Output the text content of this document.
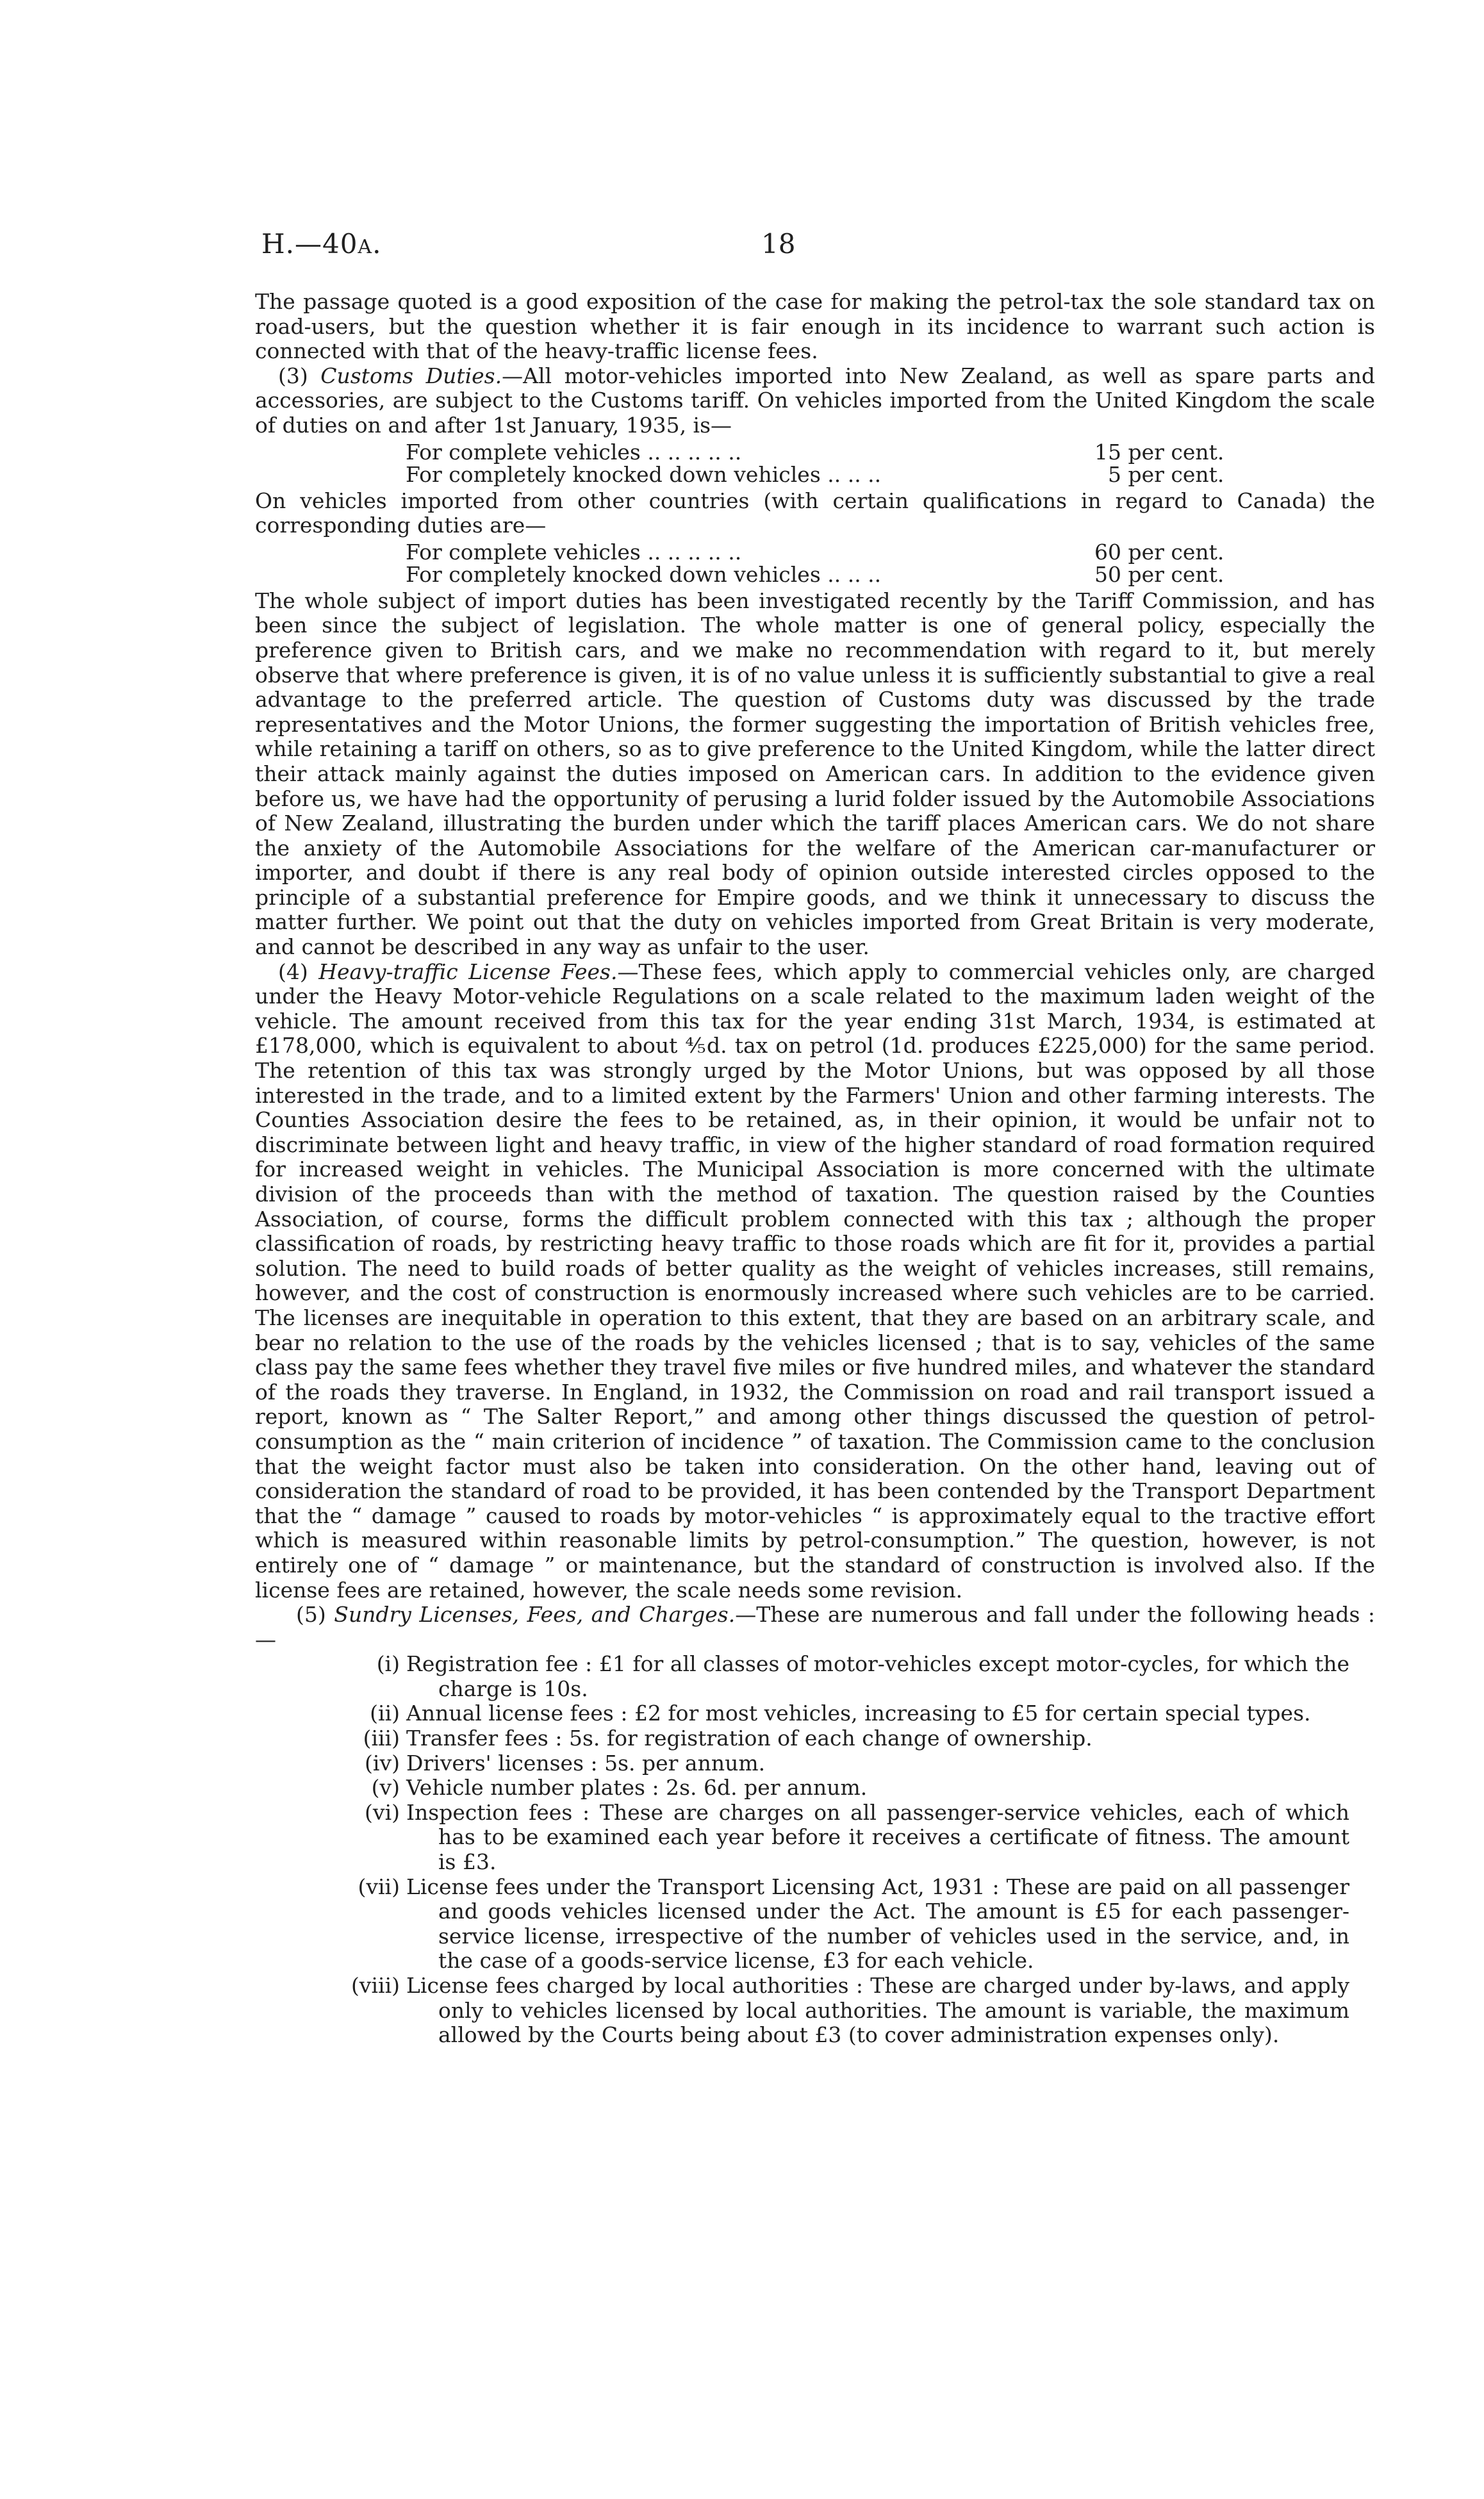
H.—40A.	18

The passage quoted is a good exposition of the case for making the petrol-tax the sole standard tax on road-users, but the question whether it is fair enough in its incidence to warrant such action is connected with that of the heavy-traffic license fees.

(3) Customs Duties.—All motor-vehicles imported into New Zealand, as well as spare parts and accessories, are subject to the Customs tariff. On vehicles imported from the United Kingdom the scale of duties on and after 1st January, 1935, is—

For complete vehicles .. .. .. .. ..	15 per cent.
For completely knocked down vehicles .. .. ..	5 per cent.

On vehicles imported from other countries (with certain qualifications in regard to Canada) the corresponding duties are—

For complete vehicles .. .. .. .. ..	60 per cent.
For completely knocked down vehicles .. .. ..	50 per cent.

The whole subject of import duties has been investigated recently by the Tariff Commission, and has been since the subject of legislation. The whole matter is one of general policy, especially the preference given to British cars, and we make no recommendation with regard to it, but merely observe that where preference is given, it is of no value unless it is sufficiently substantial to give a real advantage to the preferred article. The question of Customs duty was discussed by the trade representatives and the Motor Unions, the former suggesting the importation of British vehicles free, while retaining a tariff on others, so as to give preference to the United Kingdom, while the latter direct their attack mainly against the duties imposed on American cars. In addition to the evidence given before us, we have had the opportunity of perusing a lurid folder issued by the Automobile Associations of New Zealand, illustrating the burden under which the tariff places American cars. We do not share the anxiety of the Automobile Associations for the welfare of the American car-manufacturer or importer, and doubt if there is any real body of opinion outside interested circles opposed to the principle of a substantial preference for Empire goods, and we think it unnecessary to discuss the matter further. We point out that the duty on vehicles imported from Great Britain is very moderate, and cannot be described in any way as unfair to the user.

(4) Heavy-traffic License Fees.—These fees, which apply to commercial vehicles only, are charged under the Heavy Motor-vehicle Regulations on a scale related to the maximum laden weight of the vehicle. The amount received from this tax for the year ending 31st March, 1934, is estimated at £178,000, which is equivalent to about ⅘d. tax on petrol (1d. produces £225,000) for the same period. The retention of this tax was strongly urged by the Motor Unions, but was opposed by all those interested in the trade, and to a limited extent by the Farmers' Union and other farming interests. The Counties Association desire the fees to be retained, as, in their opinion, it would be unfair not to discriminate between light and heavy traffic, in view of the higher standard of road formation required for increased weight in vehicles. The Municipal Association is more concerned with the ultimate division of the proceeds than with the method of taxation. The question raised by the Counties Association, of course, forms the difficult problem connected with this tax ; although the proper classification of roads, by restricting heavy traffic to those roads which are fit for it, provides a partial solution. The need to build roads of better quality as the weight of vehicles increases, still remains, however, and the cost of construction is enormously increased where such vehicles are to be carried. The licenses are inequitable in operation to this extent, that they are based on an arbitrary scale, and bear no relation to the use of the roads by the vehicles licensed ; that is to say, vehicles of the same class pay the same fees whether they travel five miles or five hundred miles, and whatever the standard of the roads they traverse. In England, in 1932, the Commission on road and rail transport issued a report, known as “ The Salter Report,” and among other things discussed the question of petrol-consumption as the “ main criterion of incidence ” of taxation. The Commission came to the conclusion that the weight factor must also be taken into consideration. On the other hand, leaving out of consideration the standard of road to be provided, it has been contended by the Transport Department that the “ damage ” caused to roads by motor-vehicles “ is approximately equal to the tractive effort which is measured within reasonable limits by petrol-consumption.” The question, however, is not entirely one of “ damage ” or maintenance, but the standard of construction is involved also. If the license fees are retained, however, the scale needs some revision.

(5) Sundry Licenses, Fees, and Charges.—These are numerous and fall under the following heads :—

(i) Registration fee : £1 for all classes of motor-vehicles except motor-cycles, for which the charge is 10s.
(ii) Annual license fees : £2 for most vehicles, increasing to £5 for certain special types.
(iii) Transfer fees : 5s. for registration of each change of ownership.
(iv) Drivers' licenses : 5s. per annum.
(v) Vehicle number plates : 2s. 6d. per annum.
(vi) Inspection fees : These are charges on all passenger-service vehicles, each of which has to be examined each year before it receives a certificate of fitness. The amount is £3.
(vii) License fees under the Transport Licensing Act, 1931 : These are paid on all passenger and goods vehicles licensed under the Act. The amount is £5 for each passenger-service license, irrespective of the number of vehicles used in the service, and, in the case of a goods-service license, £3 for each vehicle.
(viii) License fees charged by local authorities : These are charged under by-laws, and apply only to vehicles licensed by local authorities. The amount is variable, the maximum allowed by the Courts being about £3 (to cover administration expenses only).
